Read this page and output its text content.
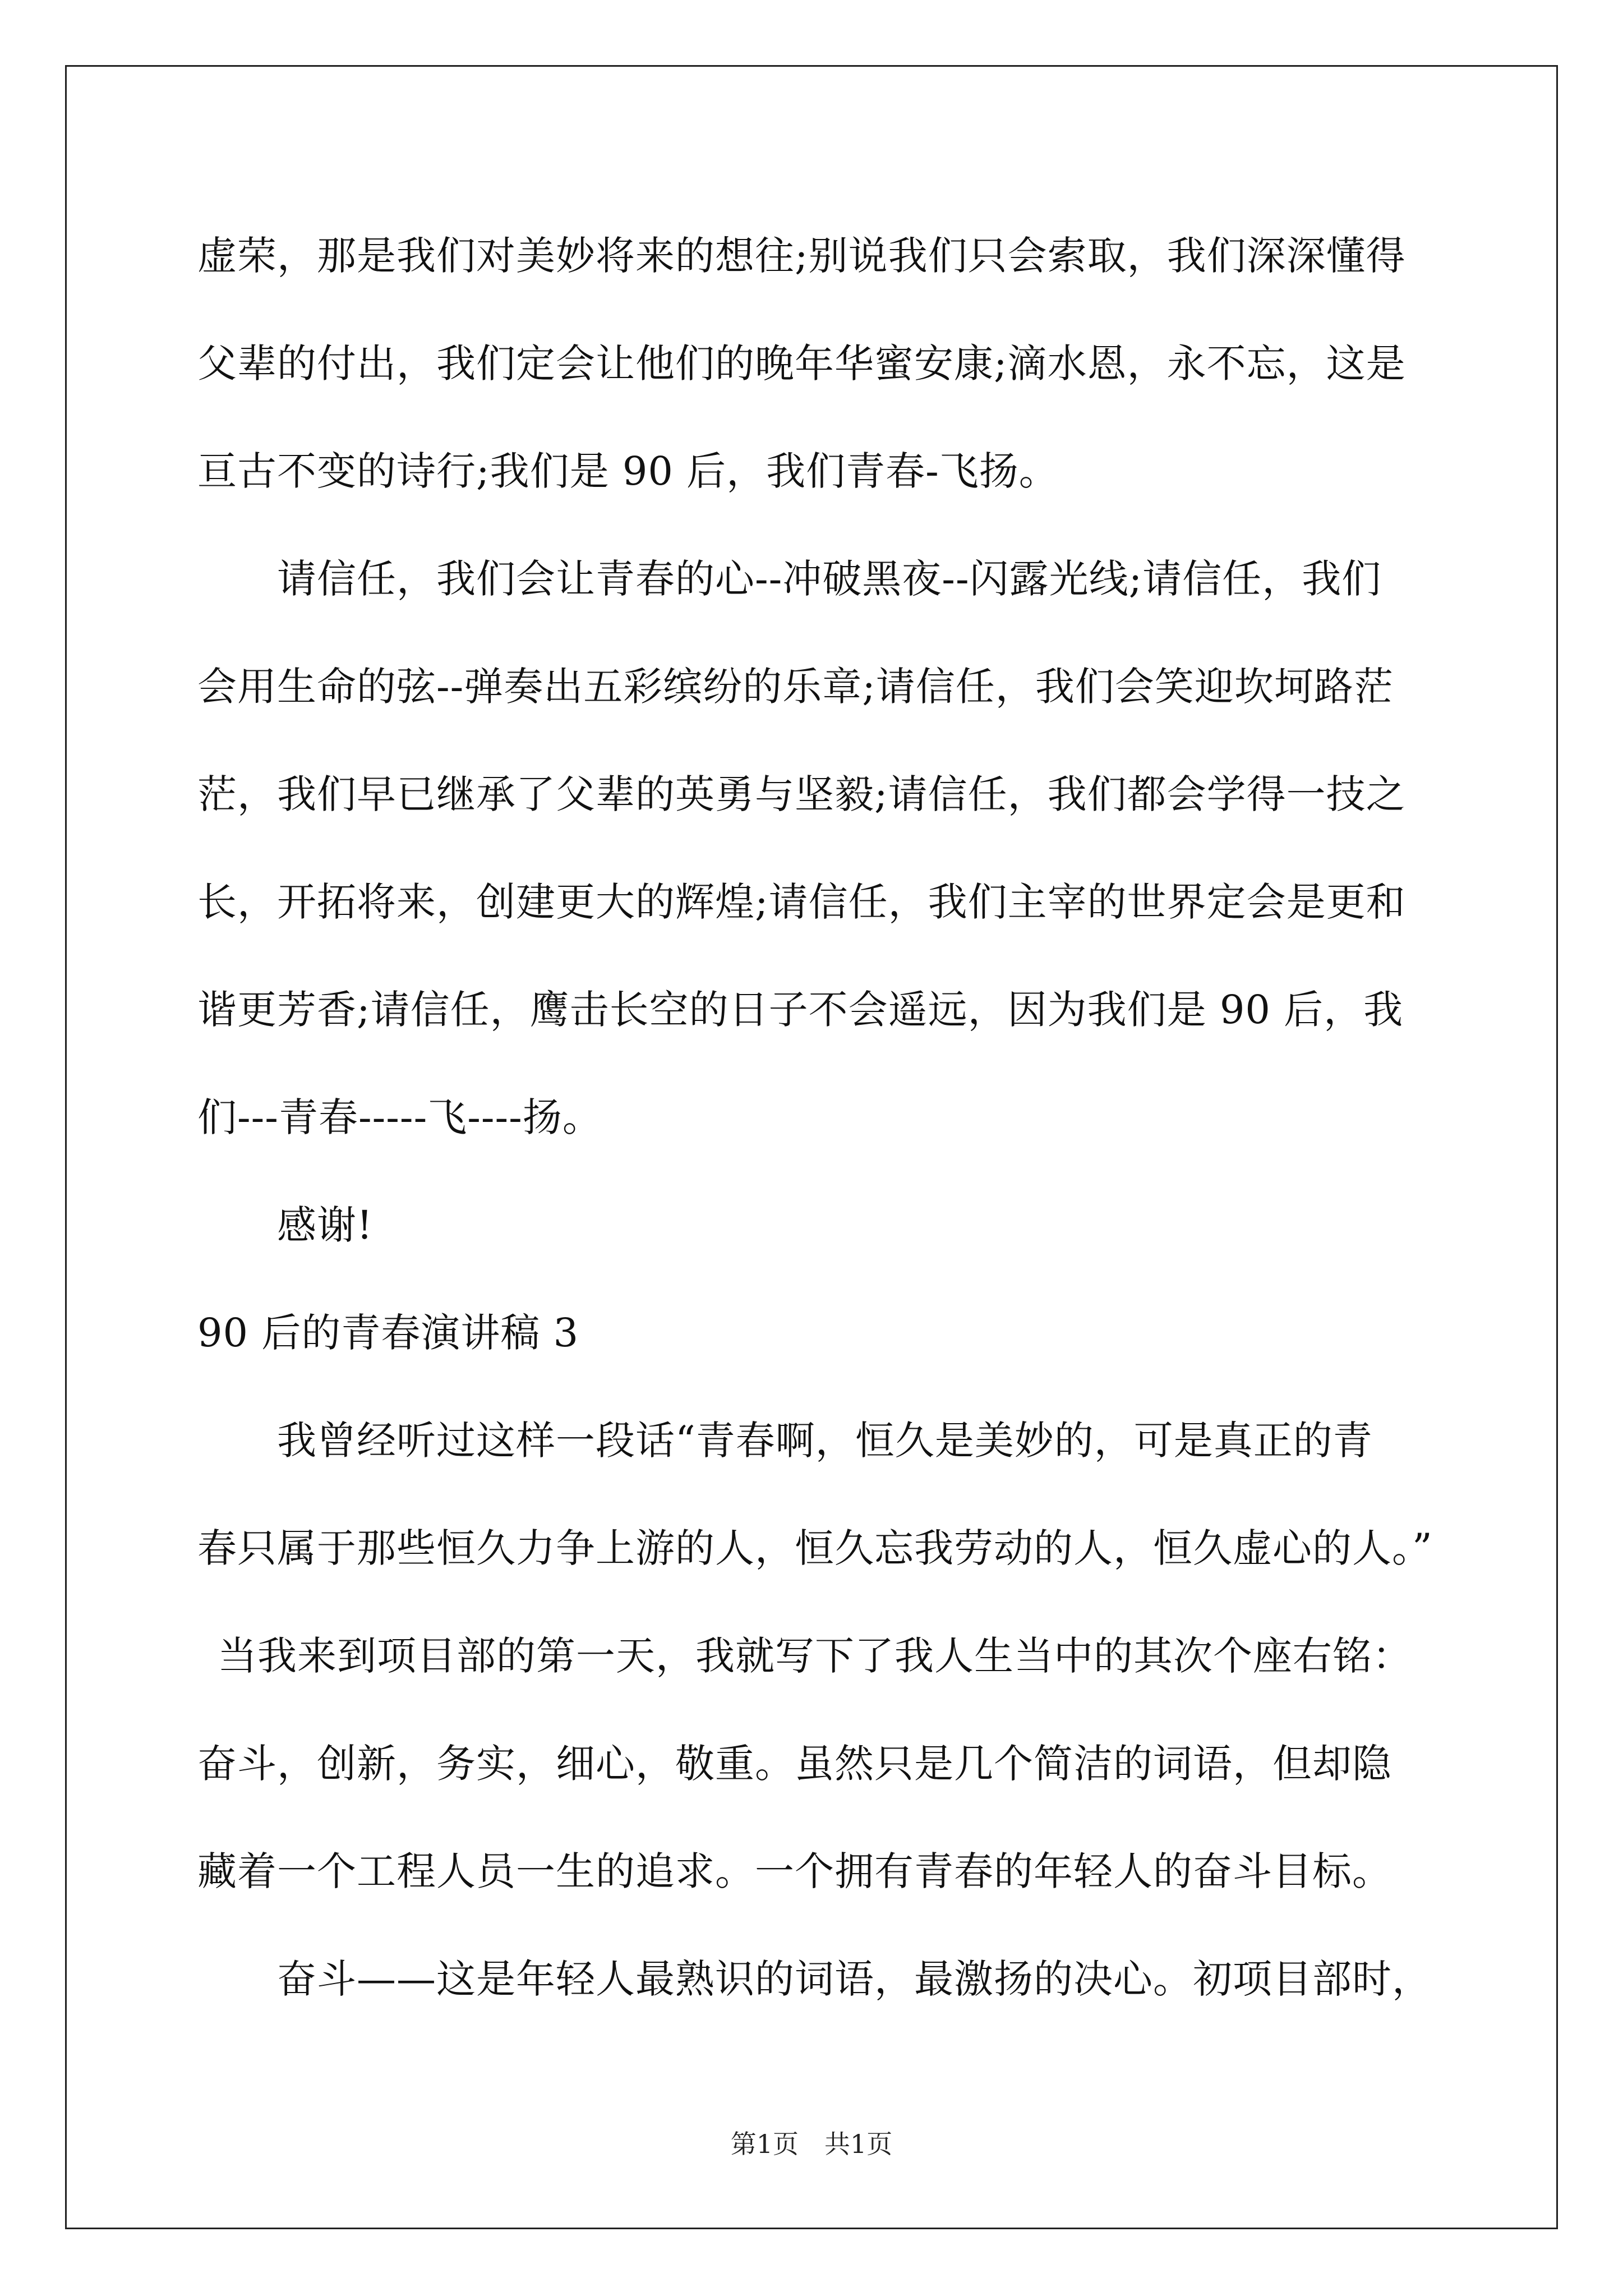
虚荣，那是我们对美妙将来的想往;别说我们只会索取，我们深深懂得
父辈的付出，我们定会让他们的晚年华蜜安康;滴水恩，永不忘，这是
亘古不变的诗行;我们是 90 后，我们青春-飞扬。
请信任，我们会让青春的心--冲破黑夜--闪露光线;请信任，我们
会用生命的弦--弹奏出五彩缤纷的乐章;请信任，我们会笑迎坎坷路茫
茫，我们早已继承了父辈的英勇与坚毅;请信任，我们都会学得一技之
长，开拓将来，创建更大的辉煌;请信任，我们主宰的世界定会是更和
谐更芳香;请信任，鹰击长空的日子不会遥远，因为我们是 90 后，我
们---青春-----飞----扬。
感谢!
90 后的青春演讲稿 3
我曾经听过这样一段话“青春啊，恒久是美妙的，可是真正的青
春只属于那些恒久力争上游的人，恒久忘我劳动的人，恒久虚心的人。”
当我来到项目部的第一天，我就写下了我人生当中的其次个座右铭：
奋斗，创新，务实，细心，敬重。虽然只是几个简洁的词语，但却隐
藏着一个工程人员一生的追求。一个拥有青春的年轻人的奋斗目标。
奋斗——这是年轻人最熟识的词语，最激扬的决心。初项目部时，
第1页 共1页
